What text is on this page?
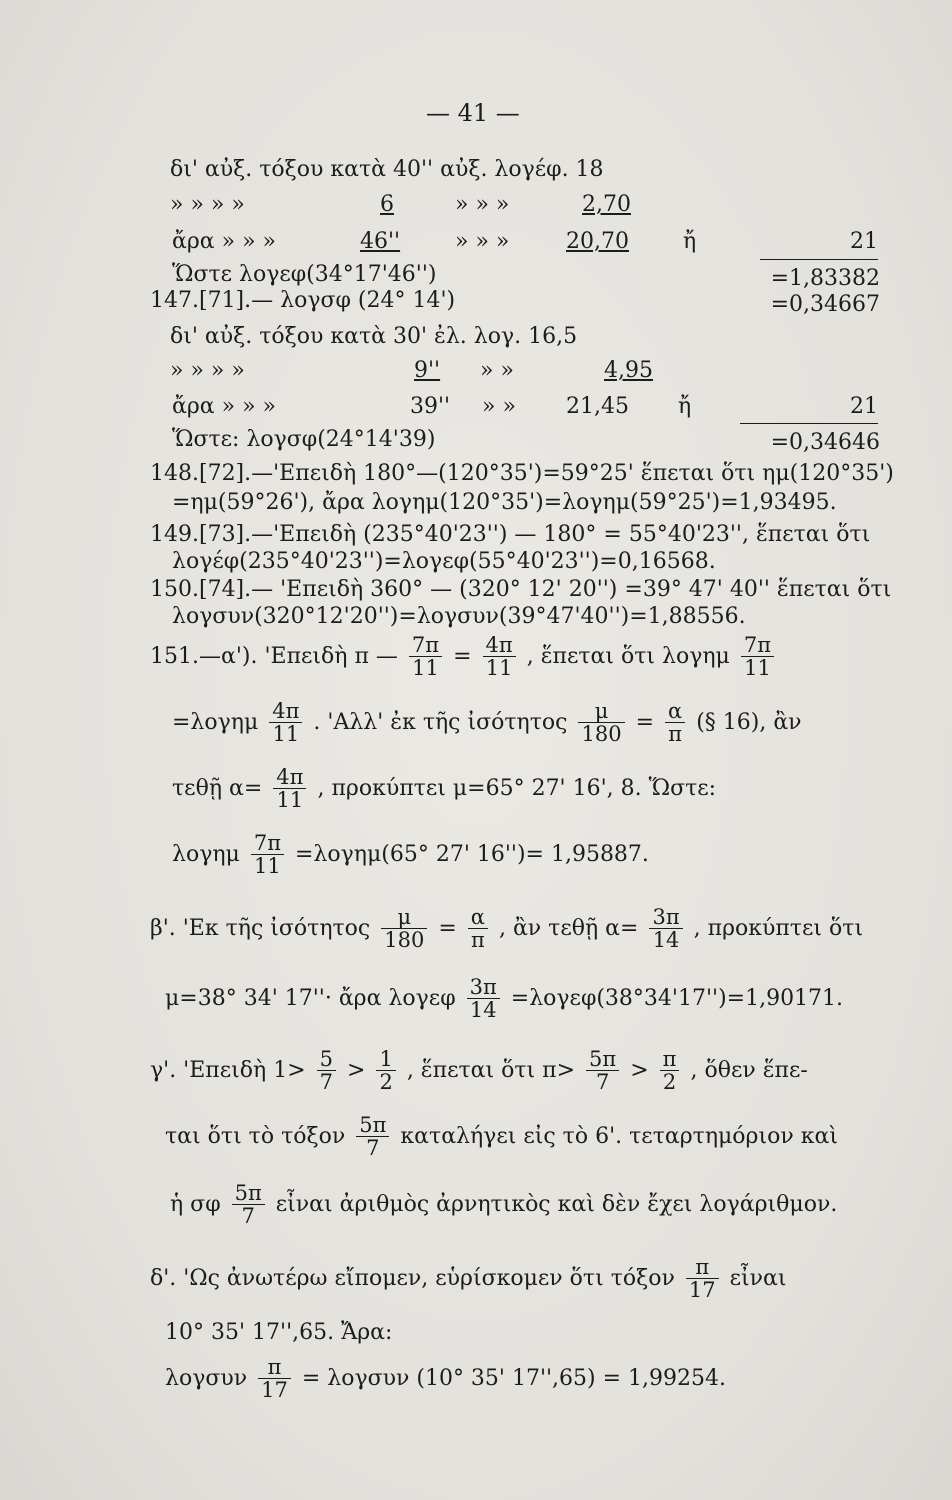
— 41 —
δι' αὐξ. τόξου κατὰ 40'' αὐξ. λογέφ. 18
» » » »	6	» » »	2,70
ἄρα » » »	46'' » » »	20,70 ἤ	21
Ὥστε λογεφ(34°17'46'')	=1,83382
147.[71].— λογσφ (24° 14')	=0,34667
δι' αὐξ. τόξου κατὰ 30' ἐλ. λογ. 16,5
» » » »	9'' » »	4,95
ἄρα » » »	39'' » » 21,45 ἤ	21
Ὥστε: λογσφ(24°14'39)	=0,34646
148.[72].—'Επειδὴ 180°—(120°35')=59°25' ἕπεται ὅτι ημ(120°35')
=ημ(59°26'), ἄρα λογημ(120°35')=λογημ(59°25')=1,93495.
149.[73].—'Επειδὴ (235°40'23'') — 180° = 55°40'23'', ἕπεται ὅτι
λογέφ(235°40'23'')=λογεφ(55°40'23'')=0,16568.
150.[74].— 'Επειδὴ 360° — (320° 12' 20'') =39° 47' 40'' ἕπεται ὅτι
λογσυν(320°12'20'')=λογσυν(39°47'40'')=1,88556.
151.—α'). 'Επειδὴ π — $\frac{7\pi}{11} = \frac{4\pi}{11}$ , ἕπεται ὅτι λογημ $\frac{7\pi}{11}$
$=\lambda o\gamma\eta\mu \frac{4\pi}{11}$ . 'Αλλ' ἐκ τῆς ἰσότητος $\frac{\mu}{180} = \frac{\alpha}{\pi}$ (§ 16), ἂν
τεθῇ $\alpha= \frac{4\pi}{11}$ , προκύπτει μ=65° 27' 16', 8. Ὥστε:
λογημ $\frac{7\pi}{11} =\lambda o\gamma\eta\mu(65^\circ$ 27' 16'')= 1,95887.
β'. 'Εκ τῆς ἰσότητος $\frac{\mu}{180} = \frac{\alpha}{\pi}$ , ἂν τεθῇ $\alpha= \frac{3\pi}{14}$ , προκύπτει ὅτι
μ=38° 34' 17''· ἄρα λογεφ $\frac{3\pi}{14} =\lambda o\gamma\varepsilon\varphi(38^\circ 34'17'')=1,90171$.
γ'. 'Επειδὴ $1> \frac{5}{7} > \frac{1}{2}$ , ἕπεται ὅτι $\pi> \frac{5\pi}{7} > \frac{\pi}{2}$ , ὅθεν ἕπε-
ται ὅτι τὸ τόξον $\frac{5\pi}{7}$ καταλήγει εἰς τὸ 6'. τεταρτημόριον καὶ
ἡ σφ $\frac{5\pi}{7}$ εἶναι ἀριθμὸς ἀρνητικὸς καὶ δὲν ἔχει λογάριθμον.
δ'. 'Ως ἀνωτέρω εἴπομεν, εὑρίσκομεν ὅτι τόξον $\frac{\pi}{17}$ εἶναι
10° 35' 17'',65. Ἄρα:
λογσυν $\frac{\pi}{17} = \lambda o\gamma\sigma\upsilon\nu$ (10° 35' 17'',65) = 1,99254.
